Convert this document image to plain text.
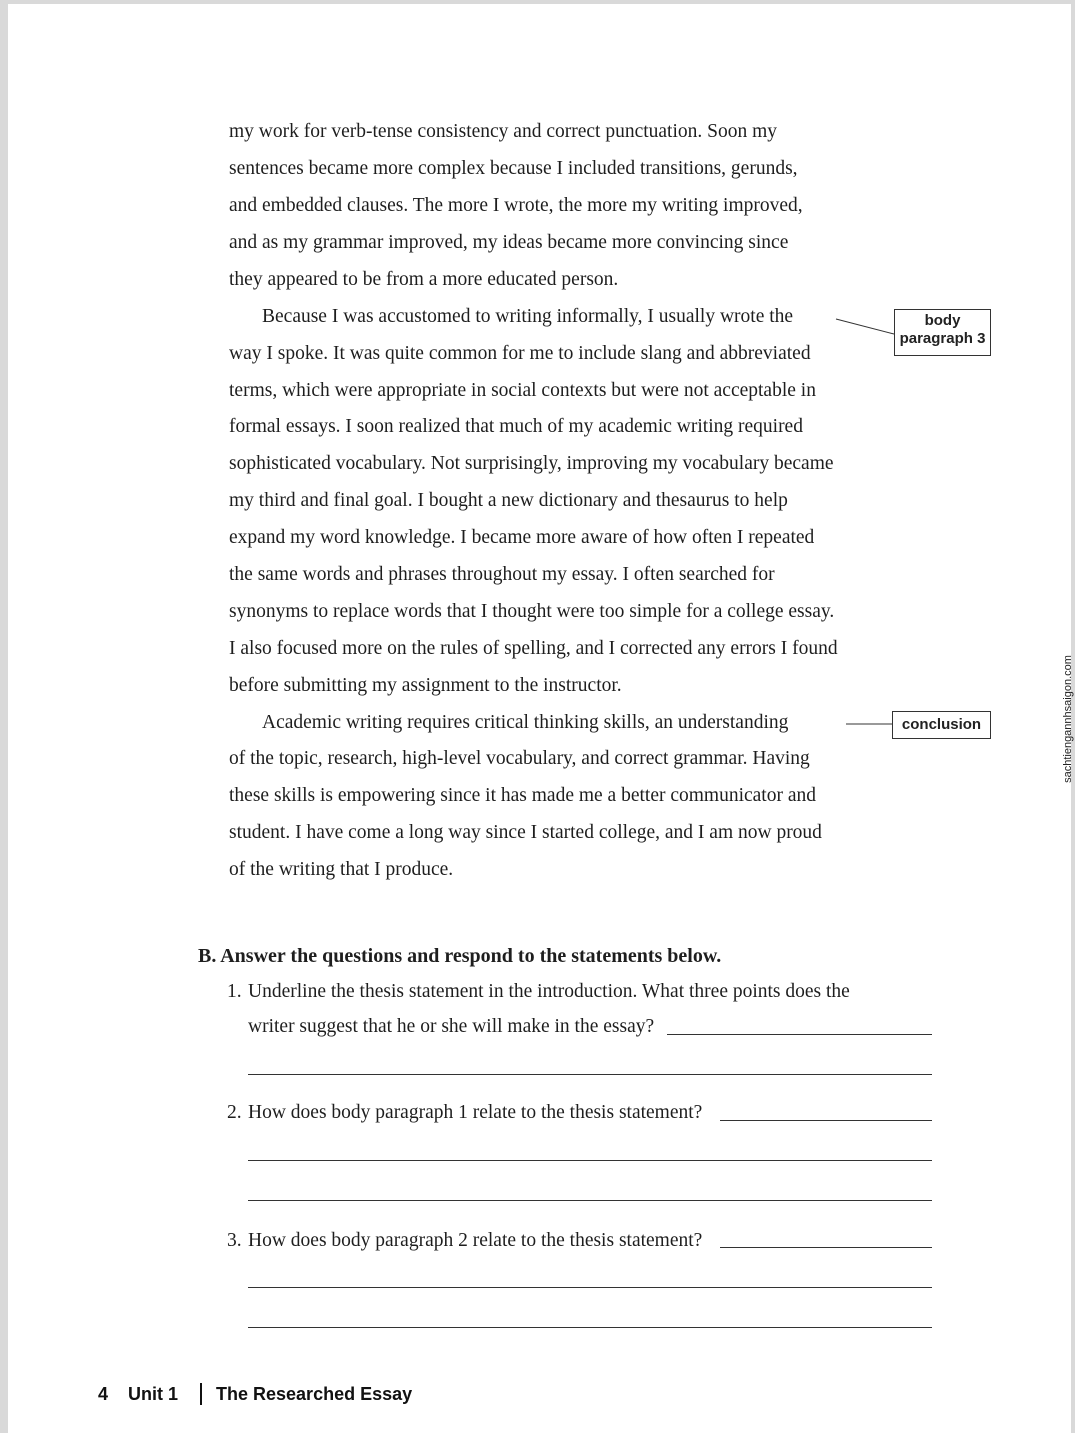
my work for verb-tense consistency and correct punctuation. Soon my
sentences became more complex because I included transitions, gerunds,
and embedded clauses. The more I wrote, the more my writing improved,
and as my grammar improved, my ideas became more convincing since
they appeared to be from a more educated person.
Because I was accustomed to writing informally, I usually wrote the
way I spoke. It was quite common for me to include slang and abbreviated
terms, which were appropriate in social contexts but were not acceptable in
formal essays. I soon realized that much of my academic writing required
sophisticated vocabulary. Not surprisingly, improving my vocabulary became
my third and final goal. I bought a new dictionary and thesaurus to help
expand my word knowledge. I became more aware of how often I repeated
the same words and phrases throughout my essay. I often searched for
synonyms to replace words that I thought were too simple for a college essay.
I also focused more on the rules of spelling, and I corrected any errors I found
before submitting my assignment to the instructor.
Academic writing requires critical thinking skills, an understanding
of the topic, research, high-level vocabulary, and correct grammar. Having
these skills is empowering since it has made me a better communicator and
student. I have come a long way since I started college, and I am now proud
of the writing that I produce.
body
paragraph 3
conclusion
B. Answer the questions and respond to the statements below.
1. Underline the thesis statement in the introduction. What three points does the
writer suggest that he or she will make in the essay?
2. How does body paragraph 1 relate to the thesis statement?
3. How does body paragraph 2 relate to the thesis statement?
4 Unit 1 The Researched Essay
sachtiengannhsaigon.com
